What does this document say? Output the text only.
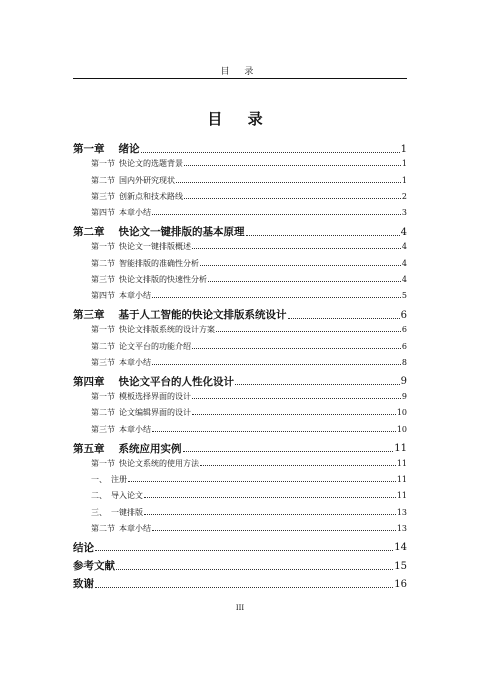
目 录
目 录
第一章 绪论	1
第一节 快论文的选题背景	1
第二节 国内外研究现状	1
第三节 创新点和技术路线	2
第四节 本章小结	3
第二章 快论文一键排版的基本原理	4
第一节 快论文一键排版概述	4
第二节 智能排版的准确性分析	4
第三节 快论文排版的快速性分析	4
第四节 本章小结	5
第三章 基于人工智能的快论文排版系统设计	6
第一节 快论文排版系统的设计方案	6
第二节 论文平台的功能介绍	6
第三节 本章小结	8
第四章 快论文平台的人性化设计	9
第一节 模板选择界面的设计	9
第二节 论文编辑界面的设计	10
第三节 本章小结	10
第五章 系统应用实例	11
第一节 快论文系统的使用方法	11
一、 注册	11
二、 导入论文	11
三、 一键排版	13
第二节 本章小结	13
结论	14
参考文献	15
致谢	16
III
